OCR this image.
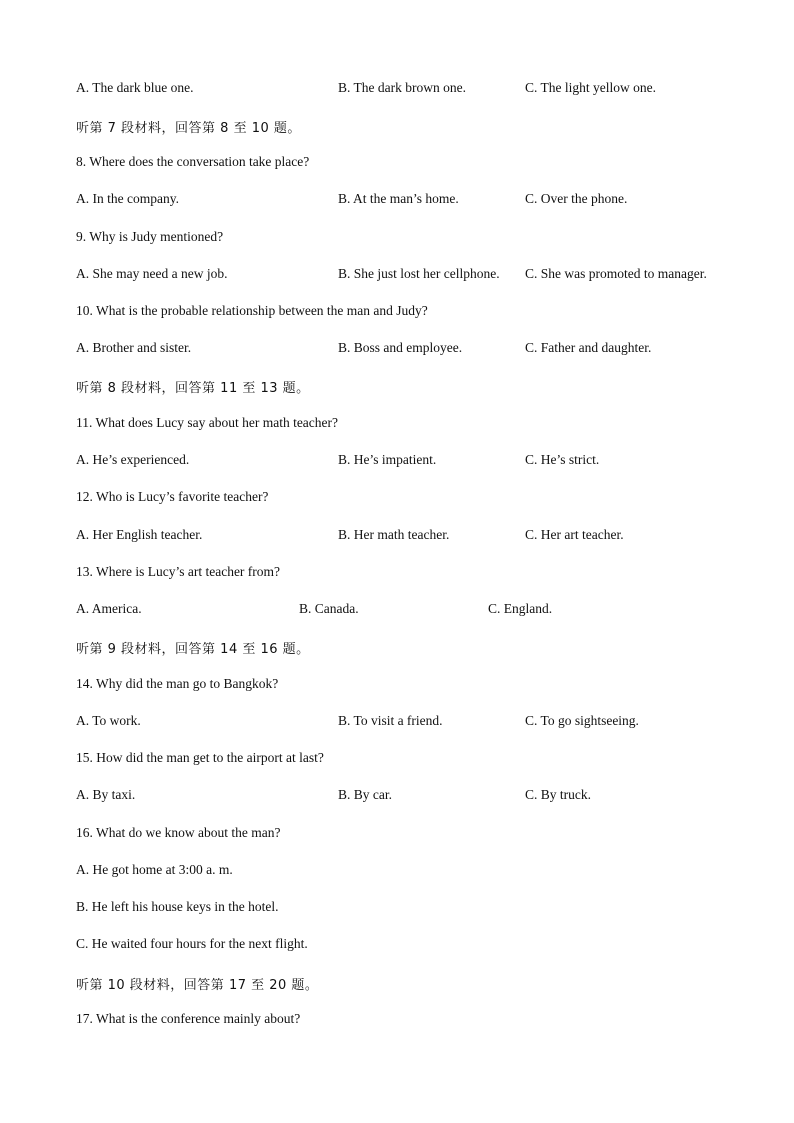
A. The dark blue one.	B. The dark brown one.	C. The light yellow one.
听第 7 段材料，回答第 8 至 10 题。
8. Where does the conversation take place?
A. In the company.	B. At the man’s home.	C. Over the phone.
9. Why is Judy mentioned?
A. She may need a new job.	B. She just lost her cellphone. C. She was promoted to manager.
10. What is the probable relationship between the man and Judy?
A. Brother and sister.	B. Boss and employee.	C. Father and daughter.
听第 8 段材料，回答第 11 至 13 题。
11. What does Lucy say about her math teacher?
A. He’s experienced.	B. He’s impatient.	C. He’s strict.
12. Who is Lucy’s favorite teacher?
A. Her English teacher.	B. Her math teacher.	C. Her art teacher.
13. Where is Lucy’s art teacher from?
A. America.	B. Canada.	C. England.
听第 9 段材料，回答第 14 至 16 题。
14. Why did the man go to Bangkok?
A. To work.	B. To visit a friend.	C. To go sightseeing.
15. How did the man get to the airport at last?
A. By taxi.	B. By car.	C. By truck.
16. What do we know about the man?
A. He got home at 3:00 a. m.
B. He left his house keys in the hotel.
C. He waited four hours for the next flight.
听第 10 段材料，回答第 17 至 20 题。
17. What is the conference mainly about?
